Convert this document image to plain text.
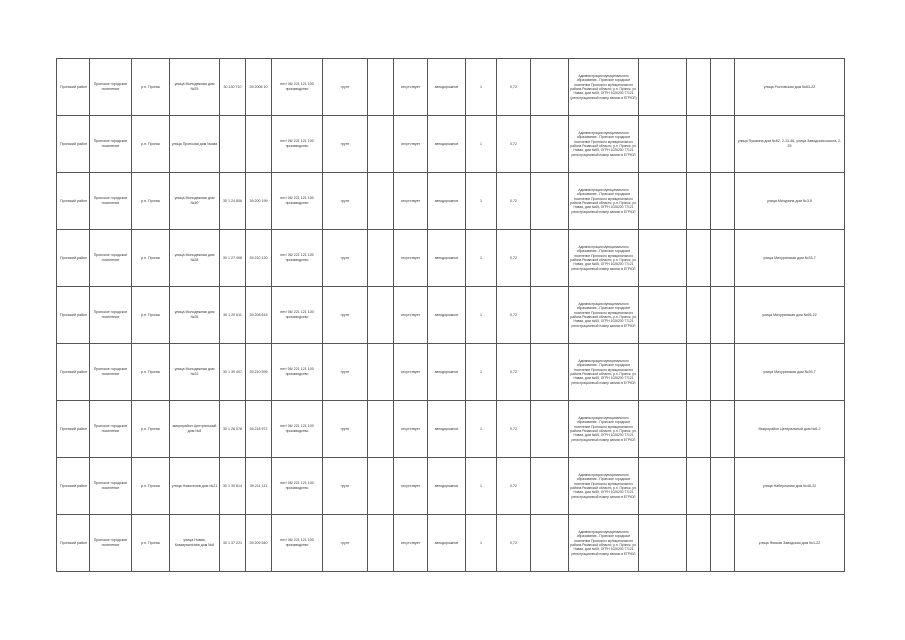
Пронский район	Пронское городское поселение	р.п. Пронск	улица Молодежная дом №25	30 130 710	39.2006 10	нет/ 06/ 221 121 100 производство	грунт		отсутствует	автодорожное	1	0,72		Администрация муниципального образования - Пронское городское поселение Пронского муниципального района Рязанской области, р.п. Пронск, ул. Новая, дом №65, ОГРН 1026200 77121 (регистрационный номер записи в ЕГРЮЛ)				улица Ростовская дом №63-22
Пронский район	Пронское городское поселение	р.п. Пронск	улица Пронская дом №кма			нет/ 06/ 221 121 100 производство	грунт		отсутствует	автодорожное	1	0,72		Администрация муниципального образования - Пронское городское поселение Пронского муниципального района Рязанской области, р.п. Пронск, ул. Новая, дом №65, ОГРН 1026200 77121 регистрационный номер записи в ЕГРЮЛ				улица Пушкина дом №62, 2-13-46, улица Заводская школа, 2-25
Пронский район	Пронское городское поселение	р.п. Пронск	улица Молодежная дом №30	30 1 24 806	39.200 199	нет/ 06/ 221 121 100 производство	грунт		отсутствует	автодорожное	1	0,72		Администрация муниципального образования - Пронское городское поселение Пронского муниципального района Рязанской области, р.п. Пронск, ул. Новая, дом №65, ОГРН 1026200 77121 регистрационный номер записи в ЕГРЮЛ				улица Мичурина дом №3-5
Пронский район	Пронское городское поселение	р.п. Пронск	улица Молодежная дом №28	30 1 27 408	39.210 120	нет/ 06/ 221 121 100 производство	грунт		отсутствует	автодорожное	1	0,72		Администрация муниципального образования - Пронское городское поселение Пронского муниципального района Рязанской области, р.п. Пронск, ул. Новая, дом №65, ОГРН 1026200 77121 регистрационный номер записи в ЕГРЮЛ				улица Мичуринская дом №33-7
Пронский район	Пронское городское поселение	р.п. Пронск	улица Молодежная дом №28	30 1 20 611	39.208 615	нет/ 06/ 221 121 100 производство	грунт		отсутствует	автодорожное	1	0,72		Администрация муниципального образования - Пронское городское поселение Пронского муниципального района Рязанской области, р.п. Пронск, ул. Новая, дом №65, ОГРН 1026200 77121 регистрационный номер записи в ЕГРЮЛ				улица Мичуринская дом №65-22
Пронский район	Пронское городское поселение	р.п. Пронск	улица Молодежная дом №22	30 1 39 407	39.210 599	нет/ 06/ 221 121 100 производство	грунт		отсутствует	автодорожное	1	0,72		Администрация муниципального образования - Пронское городское поселение Пронского муниципального района Рязанской области, р.п. Пронск, ул. Новая, дом №65, ОГРН 1026200 77121 регистрационный номер записи в ЕГРЮЛ				улица Мичуринская дом №39-7
Пронский район	Пронское городское поселение	р.п. Пронск	микрорайон Центральный дом №8	30 1 26 078	39.218 972	нет/ 06/ 221 121 100 производство	грунт		отсутствует	автодорожное	1	0,72		Администрация муниципального образования - Пронское городское поселение Пронского муниципального района Рязанской области, р.п. Пронск, ул. Новая, дом №65, ОГРН 1026200 77121 регистрационный номер записи в ЕГРЮЛ				Микрорайон Центральный дом №6-2
Пронский район	Пронское городское поселение	р.п. Пронск	улица Новоселов дом №21	30 1 30 614	39.211 111	нет/ 06/ 221 121 100 производство	грунт		отсутствует	автодорожное	1	0,72		Администрация муниципального образования - Пронское городское поселение Пронского муниципального района Рязанской области, р.п. Пронск, ул. Новая, дом №65, ОГРН 1026200 77121 регистрационный номер записи в ЕГРЮЛ				улица Набережная дом №46-22
Пронский район	Пронское городское поселение	р.п. Пронск	улица Новая, Коммунальная дом №6	30 1 37 221	39.209 540	нет/ 06/ 221 121 100 производство	грунт		отсутствует	автодорожное	1	0,72		Администрация муниципального образования - Пронское городское поселение Пронского муниципального района Рязанской области, р.п. Пронск, ул. Новая, дом №65, ОГРН 1026200 77121 регистрационный номер записи в ЕГРЮЛ				улица Ямская Заводская дом №1-22
